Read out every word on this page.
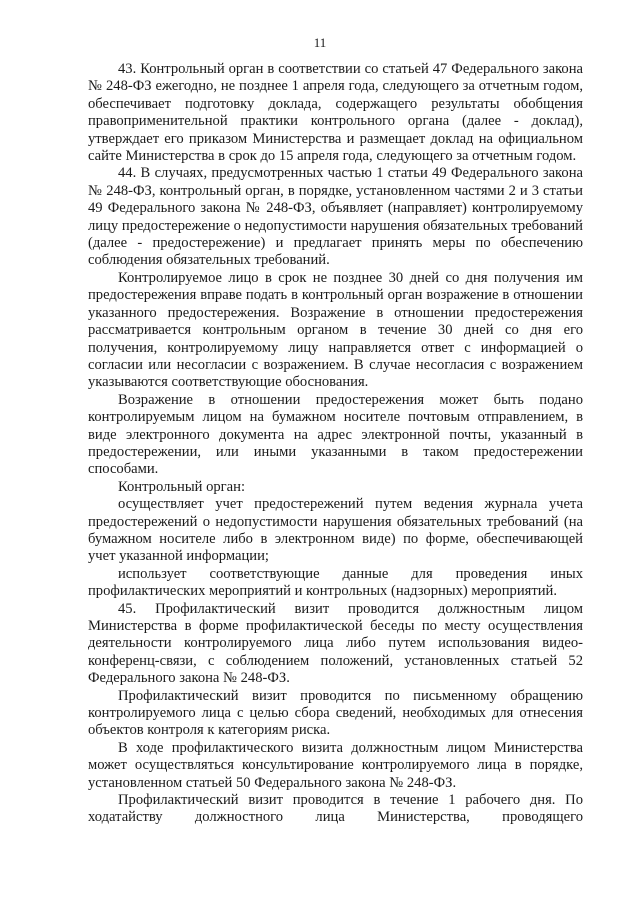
11

43. Контрольный орган в соответствии со статьей 47 Федерального закона № 248-ФЗ ежегодно, не позднее 1 апреля года, следующего за отчетным годом, обеспечивает подготовку доклада, содержащего результаты обобщения правоприменительной практики контрольного органа (далее - доклад), утверждает его приказом Министерства и размещает доклад на официальном сайте Министерства в срок до 15 апреля года, следующего за отчетным годом.

44. В случаях, предусмотренных частью 1 статьи 49 Федерального закона № 248-ФЗ, контрольный орган, в порядке, установленном частями 2 и 3 статьи 49 Федерального закона № 248-ФЗ, объявляет (направляет) контролируемому лицу предостережение о недопустимости нарушения обязательных требований (далее - предостережение) и предлагает принять меры по обеспечению соблюдения обязательных требований.

Контролируемое лицо в срок не позднее 30 дней со дня получения им предостережения вправе подать в контрольный орган возражение в отношении указанного предостережения. Возражение в отношении предостережения рассматривается контрольным органом в течение 30 дней со дня его получения, контролируемому лицу направляется ответ с информацией о согласии или несогласии с возражением. В случае несогласия с возражением указываются соответствующие обоснования.

Возражение в отношении предостережения может быть подано контролируемым лицом на бумажном носителе почтовым отправлением, в виде электронного документа на адрес электронной почты, указанный в предостережении, или иными указанными в таком предостережении способами.

Контрольный орган:

осуществляет учет предостережений путем ведения журнала учета предостережений о недопустимости нарушения обязательных требований (на бумажном носителе либо в электронном виде) по форме, обеспечивающей учет указанной информации;

использует соответствующие данные для проведения иных профилактических мероприятий и контрольных (надзорных) мероприятий.

45. Профилактический визит проводится должностным лицом Министерства в форме профилактической беседы по месту осуществления деятельности контролируемого лица либо путем использования видео-конференц-связи, с соблюдением положений, установленных статьей 52 Федерального закона № 248-ФЗ.

Профилактический визит проводится по письменному обращению контролируемого лица с целью сбора сведений, необходимых для отнесения объектов контроля к категориям риска.

В ходе профилактического визита должностным лицом Министерства может осуществляться консультирование контролируемого лица в порядке, установленном статьей 50 Федерального закона № 248-ФЗ.

Профилактический визит проводится в течение 1 рабочего дня. По ходатайству должностного лица Министерства, проводящего
